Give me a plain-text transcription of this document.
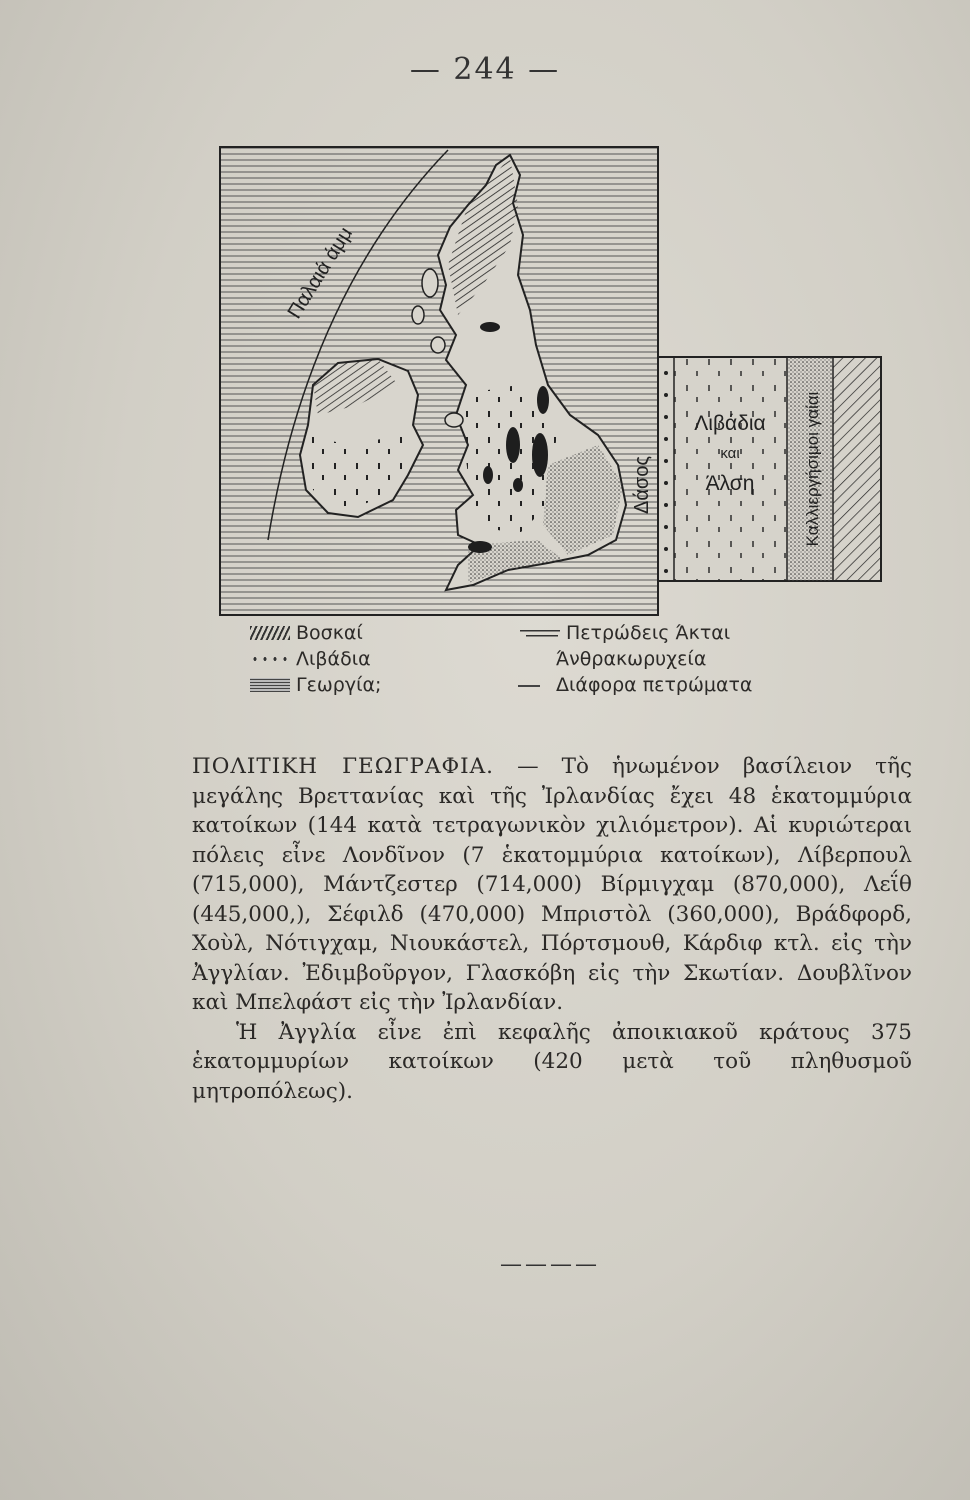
— 244 —
Παλαιά άμμ
Δάσος
Λιβάδια
και
Άλση	Καλλιεργήσιμοι γαίαι
Βοσκαί
Λιβάδια
Γεωργία;
Πετρώδεις Άκται
Άνθρακωρυχεία
Διάφορα πετρώματα

ΠΟΛΙΤΙΚΗ ΓΕΩΓΡΑΦΙΑ. — Τὸ ἡνωμένον βασίλειον τῆς μεγάλης Βρεττανίας καὶ τῆς Ἰρλανδίας ἔχει 48 ἑκατομμύρια κατοίκων (144 κατὰ τετραγωνικὸν χιλιόμετρον). Αἱ κυριώτεραι πόλεις εἶνε Λονδῖνον (7 ἑκατομμύρια κατοίκων), Λίβερπουλ (715,000), Μάντζεστερ (714,000) Βίρμιγχαμ (870,000), Λεΐθ (445,000,), Σέφιλδ (470,000) Μπριστὸλ (360,000), Βράδφορδ, Χοὺλ, Νότιγχαμ, Νιουκάστελ, Πόρτσμουθ, Κάρδιφ κτλ. εἰς τὴν Ἀγγλίαν. Ἐδιμβοῦργον, Γλασκόβη εἰς τὴν Σκωτίαν. Δουβλῖνον καὶ Μπελφάστ εἰς τὴν Ἰρλανδίαν.

Ἡ Ἀγγλία εἶνε ἐπὶ κεφαλῆς ἀποικιακοῦ κράτους 375 ἑκατομμυρίων κατοίκων (420 μετὰ τοῦ πληθυσμοῦ μητροπόλεως).

————
